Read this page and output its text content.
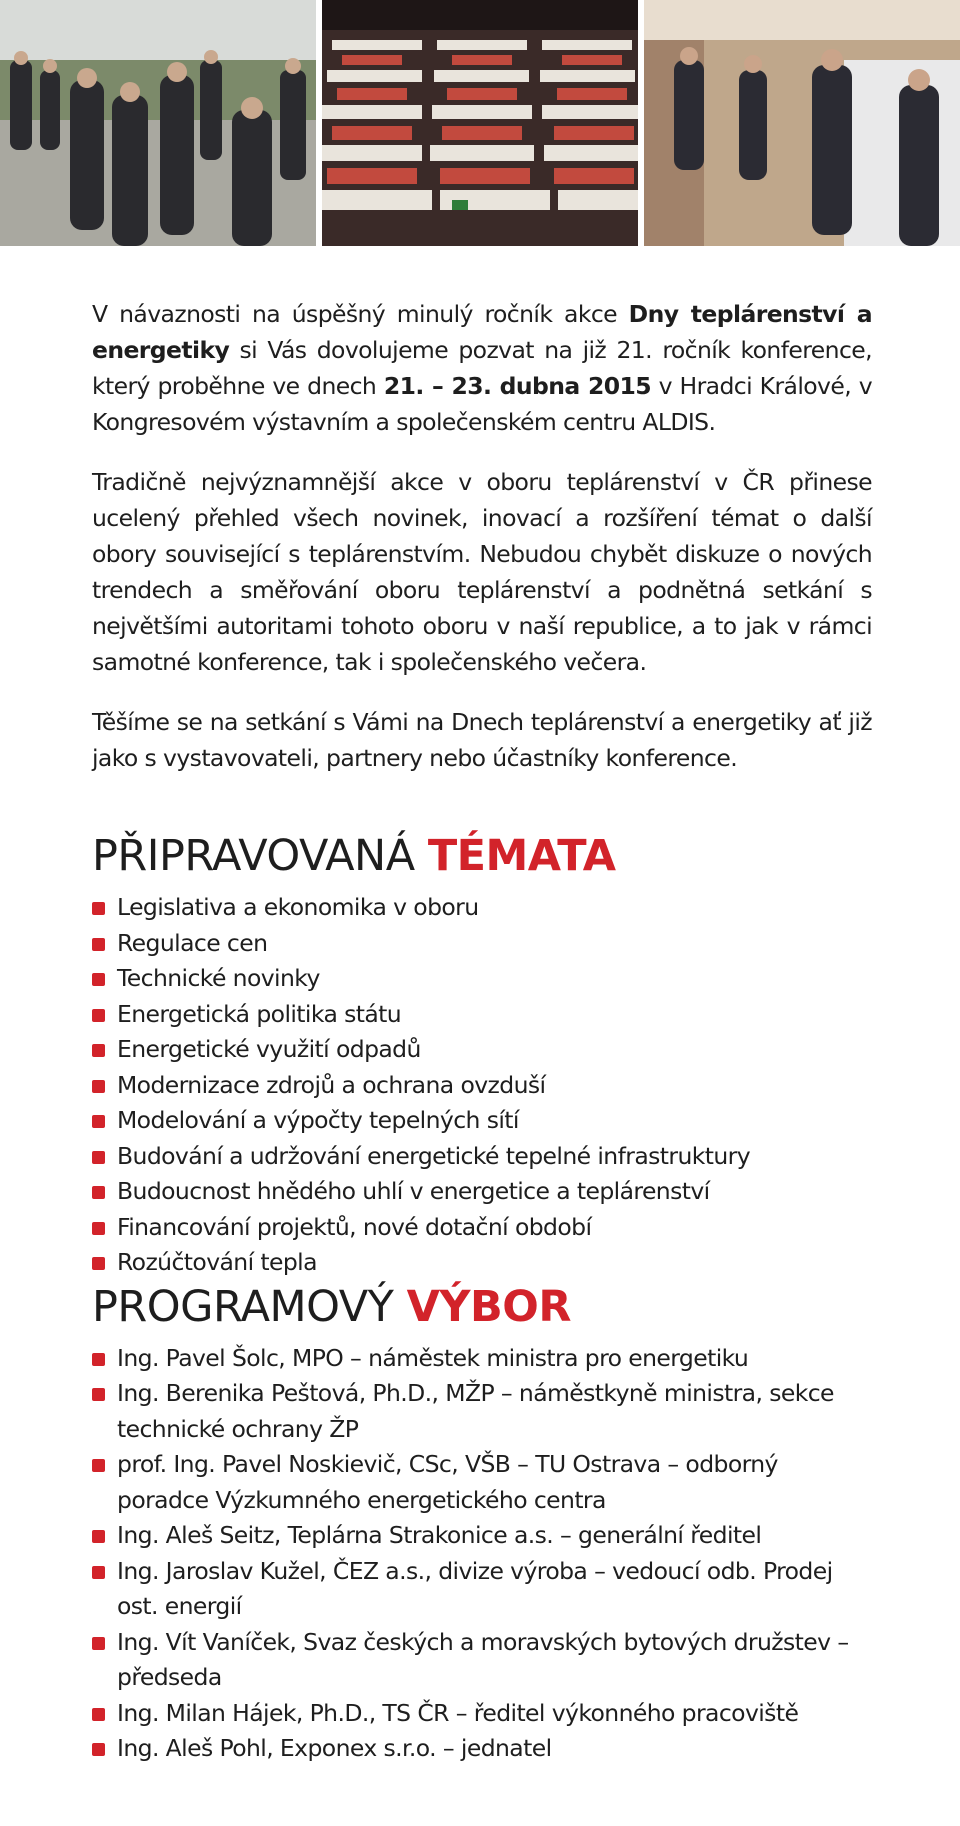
V návaznosti na úspěšný minulý ročník akce Dny teplárenství a energetiky si Vás dovolujeme pozvat na již 21. ročník konference, který proběhne ve dnech 21. – 23. dubna 2015 v Hradci Králové, v Kongresovém výstavním a společenském centru ALDIS.

Tradičně nejvýznamnější akce v oboru teplárenství v ČR přinese ucelený přehled všech novinek, inovací a rozšíření témat o další obory související s teplárenstvím. Nebudou chybět diskuze o nových trendech a směřování oboru teplárenství a podnětná setkání s největšími autoritami tohoto oboru v naší republice, a to jak v rámci samotné konference, tak i společenského večera.

Těšíme se na setkání s Vámi na Dnech teplárenství a energetiky ať již jako s vystavovateli, partnery nebo účastníky konference.

PŘIPRAVOVANÁ TÉMATA
Legislativa a ekonomika v oboru
Regulace cen
Technické novinky
Energetická politika státu
Energetické využití odpadů
Modernizace zdrojů a ochrana ovzduší
Modelování a výpočty tepelných sítí
Budování a udržování energetické tepelné infrastruktury
Budoucnost hnědého uhlí v energetice a teplárenství
Financování projektů, nové dotační období
Rozúčtování tepla
PROGRAMOVÝ VÝBOR
Ing. Pavel Šolc, MPO – náměstek ministra pro energetiku
Ing. Berenika Peštová, Ph.D., MŽP – náměstkyně ministra, sekce technické ochrany ŽP
prof. Ing. Pavel Noskievič, CSc, VŠB – TU Ostrava – odborný poradce Výzkumného energetického centra
Ing. Aleš Seitz, Teplárna Strakonice a.s. – generální ředitel
Ing. Jaroslav Kužel, ČEZ a.s., divize výroba – vedoucí odb. Prodej ost. energií
Ing. Vít Vaníček, Svaz českých a moravských bytových družstev – předseda
Ing. Milan Hájek, Ph.D., TS ČR – ředitel výkonného pracoviště
Ing. Aleš Pohl, Exponex s.r.o. – jednatel
